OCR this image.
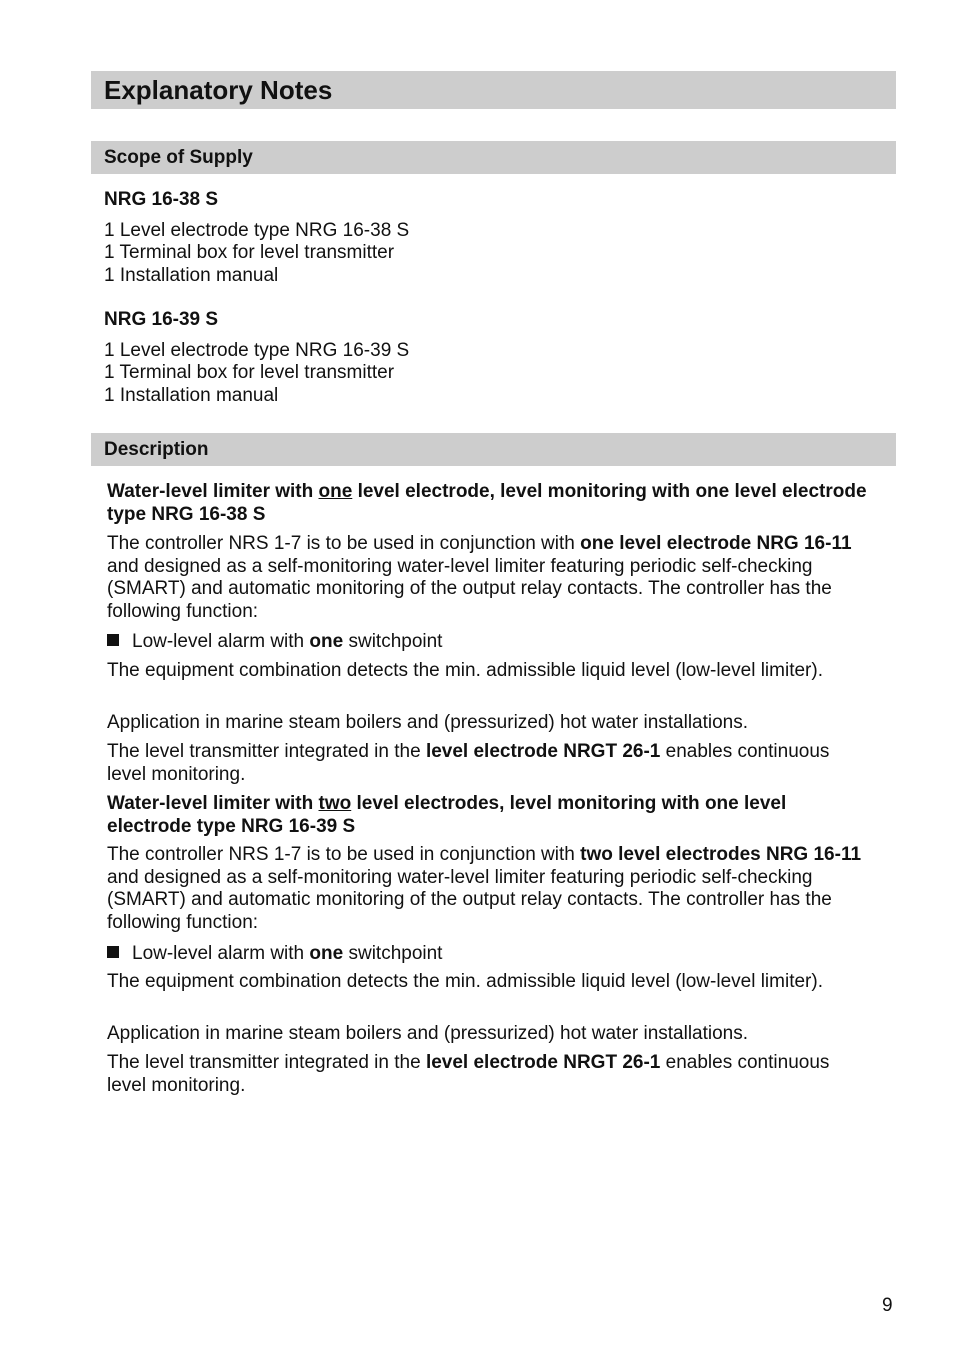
Explanatory Notes
Scope of Supply

NRG 16-38 S

1 Level electrode type NRG 16-38 S

1 Terminal box for level transmitter

1 Installation manual

NRG 16-39 S

1 Level electrode type NRG 16-39 S

1 Terminal box for level transmitter

1 Installation manual

Description
Water-level limiter with one level electrode, level monitoring with one level electrode type NRG 16-38 S
The controller NRS 1-7 is to be used in conjunction with one level electrode NRG 16-11 and designed as a self-monitoring water-level limiter featuring periodic self-checking (SMART) and automatic monitoring of the output relay contacts. The controller has the following function:
Low-level alarm with one switchpoint
The equipment combination detects the min. admissible liquid level (low-level limiter).
Application in marine steam boilers and (pressurized) hot water installations.
The level transmitter integrated in the level electrode NRGT 26-1 enables continuous level monitoring.
Water-level limiter with two level electrodes, level monitoring with one level electrode type NRG 16-39 S
The controller NRS 1-7 is to be used in conjunction with two level electrodes NRG 16-11 and designed as a self-monitoring water-level limiter featuring periodic self-checking (SMART) and automatic monitoring of the output relay contacts. The controller has the following function:
Low-level alarm with one switchpoint
The equipment combination detects the min. admissible liquid level (low-level limiter).
Application in marine steam boilers and (pressurized) hot water installations.
The level transmitter integrated in the level electrode NRGT 26-1 enables continuous level monitoring.
9
